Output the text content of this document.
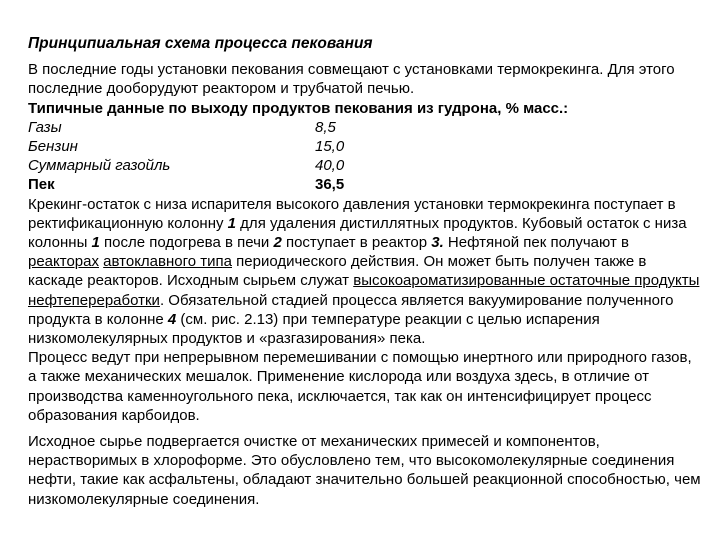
Принципиальная схема процесса пекования
В последние годы установки пекования совмещают с установками термокрекинга. Для этого последние дооборудуют реактором и трубчатой печью.
Типичные данные по выходу продуктов пекования из гудрона, % масс.:
Газы	8,5
Бензин	15,0
Суммарный газойль	40,0
Пек	36,5
Крекинг-остаток с низа испарителя высокого давления установки термокрекинга поступает в ректификационную колонну 1 для удаления дистиллятных продуктов. Кубовый остаток с низа колонны 1 после подогрева в печи 2 поступает в реактор 3. Нефтяной пек получают в реакторах автоклавного типа периодического действия. Он может быть получен также в каскаде реакторов. Исходным сырьем служат высокоароматизированные остаточные продукты нефтепереработки. Обязательной стадией процесса является вакуумирование полученного продукта в колонне 4 (см. рис. 2.13) при температуре реакции с целью испарения низкомолекулярных продуктов и «разгазирования» пека.
Процесс ведут при непрерывном перемешивании с помощью инертного или природного газов, а также механических мешалок. Применение кислорода или воздуха здесь, в отличие от производства каменноугольного пека, исключается, так как он интенсифицирует процесс образования карбоидов.
Исходное сырье подвергается очистке от механических примесей и компонентов, нерастворимых в хлороформе. Это обусловлено тем, что высокомолекулярные соединения нефти, такие как асфальтены, обладают значительно большей реакционной способностью, чем низкомолекулярные соединения.
